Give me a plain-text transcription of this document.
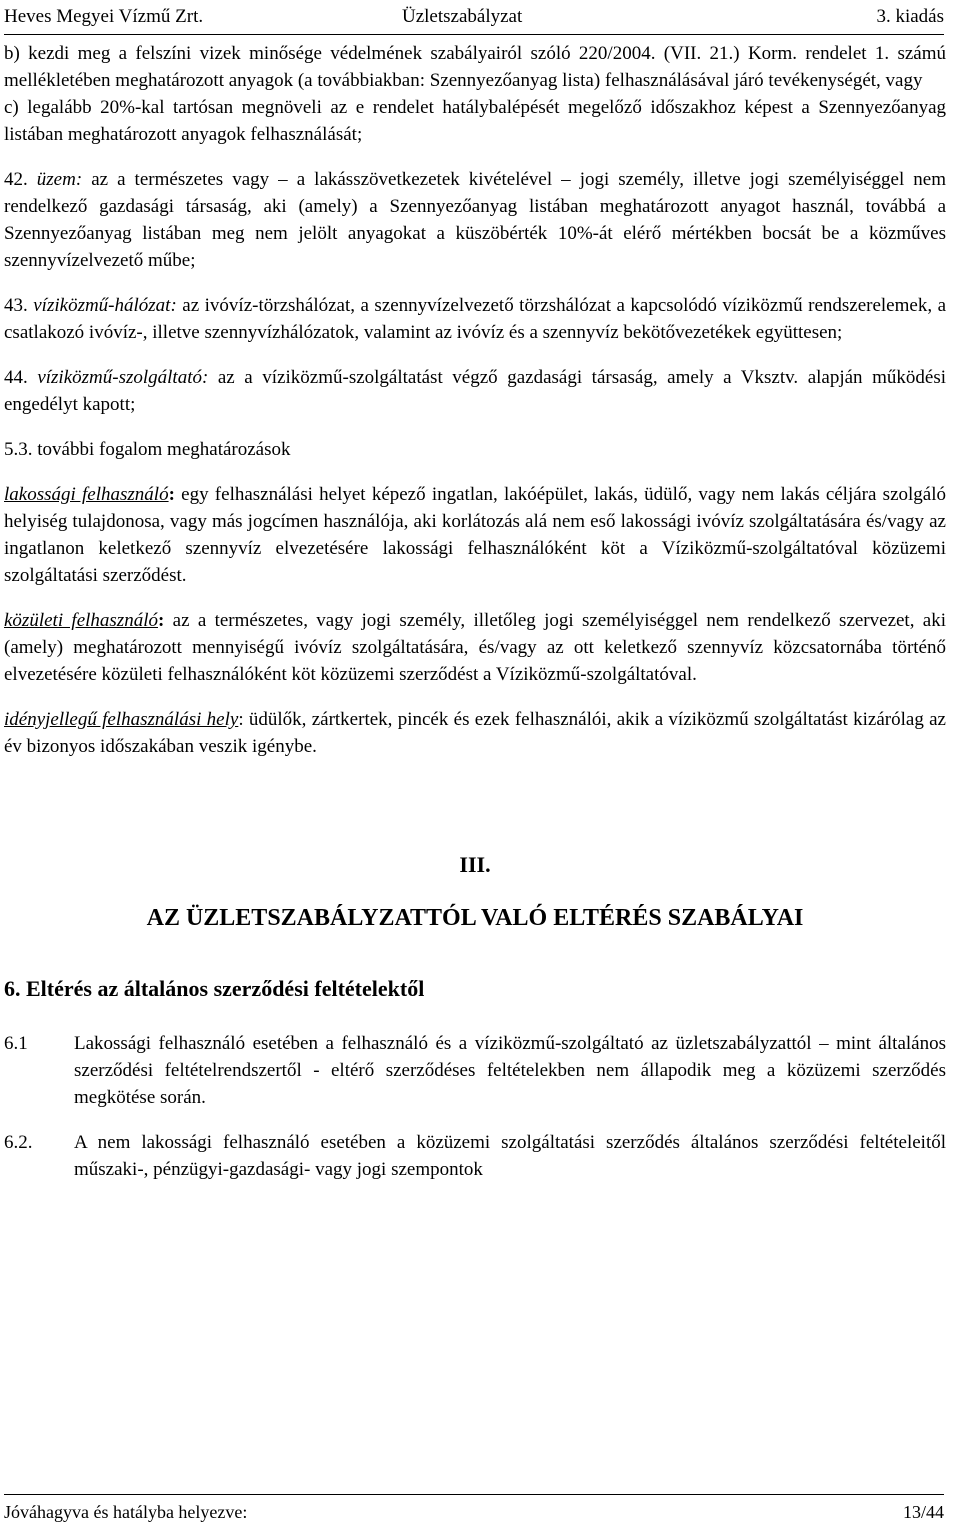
Heves Megyei Vízmű Zrt.	Üzletszabályzat	3. kiadás

b) kezdi meg a felszíni vizek minősége védelmének szabályairól szóló 220/2004. (VII. 21.) Korm. rendelet 1. számú mellékletében meghatározott anyagok (a továbbiakban: Szennyezőanyag lista) felhasználásával járó tevékenységét, vagy

c) legalább 20%-kal tartósan megnöveli az e rendelet hatálybalépését megelőző időszakhoz képest a Szennyezőanyag listában meghatározott anyagok felhasználását;

42. üzem: az a természetes vagy – a lakásszövetkezetek kivételével – jogi személy, illetve jogi személyiséggel nem rendelkező gazdasági társaság, aki (amely) a Szennyezőanyag listában meghatározott anyagot használ, továbbá a Szennyezőanyag listában meg nem jelölt anyagokat a küszöbérték 10%-át elérő mértékben bocsát be a közműves szennyvízelvezető műbe;

43. víziközmű-hálózat: az ivóvíz-törzshálózat, a szennyvízelvezető törzshálózat a kapcsolódó víziközmű rendszerelemek, a csatlakozó ivóvíz-, illetve szennyvízhálózatok, valamint az ivóvíz és a szennyvíz bekötővezetékek együttesen;

44. víziközmű-szolgáltató: az a víziközmű-szolgáltatást végző gazdasági társaság, amely a Vksztv. alapján működési engedélyt kapott;

5.3. további fogalom meghatározások

lakossági felhasználó: egy felhasználási helyet képező ingatlan, lakóépület, lakás, üdülő, vagy nem lakás céljára szolgáló helyiség tulajdonosa, vagy más jogcímen használója, aki korlátozás alá nem eső lakossági ivóvíz szolgáltatására és/vagy az ingatlanon keletkező szennyvíz elvezetésére lakossági felhasználóként köt a Víziközmű-szolgáltatóval közüzemi szolgáltatási szerződést.

közületi felhasználó: az a természetes, vagy jogi személy, illetőleg jogi személyiséggel nem rendelkező szervezet, aki (amely) meghatározott mennyiségű ivóvíz szolgáltatására, és/vagy az ott keletkező szennyvíz közcsatornába történő elvezetésére közületi felhasználóként köt közüzemi szerződést a Víziközmű-szolgáltatóval.

idényjellegű felhasználási hely: üdülők, zártkertek, pincék és ezek felhasználói, akik a víziközmű szolgáltatást kizárólag az év bizonyos időszakában veszik igénybe.

III.
AZ ÜZLETSZABÁLYZATTÓL VALÓ ELTÉRÉS SZABÁLYAI
6. Eltérés az általános szerződési feltételektől
6.1	Lakossági felhasználó esetében a felhasználó és a víziközmű-szolgáltató az üzletszabályzattól – mint általános szerződési feltételrendszertől - eltérő szerződéses feltételekben nem állapodik meg a közüzemi szerződés megkötése során.
6.2.	A nem lakossági felhasználó esetében a közüzemi szolgáltatási szerződés általános szerződési feltételeitől műszaki-, pénzügyi-gazdasági- vagy jogi szempontok
Jóváhagyva és hatályba helyezve:	13/44
